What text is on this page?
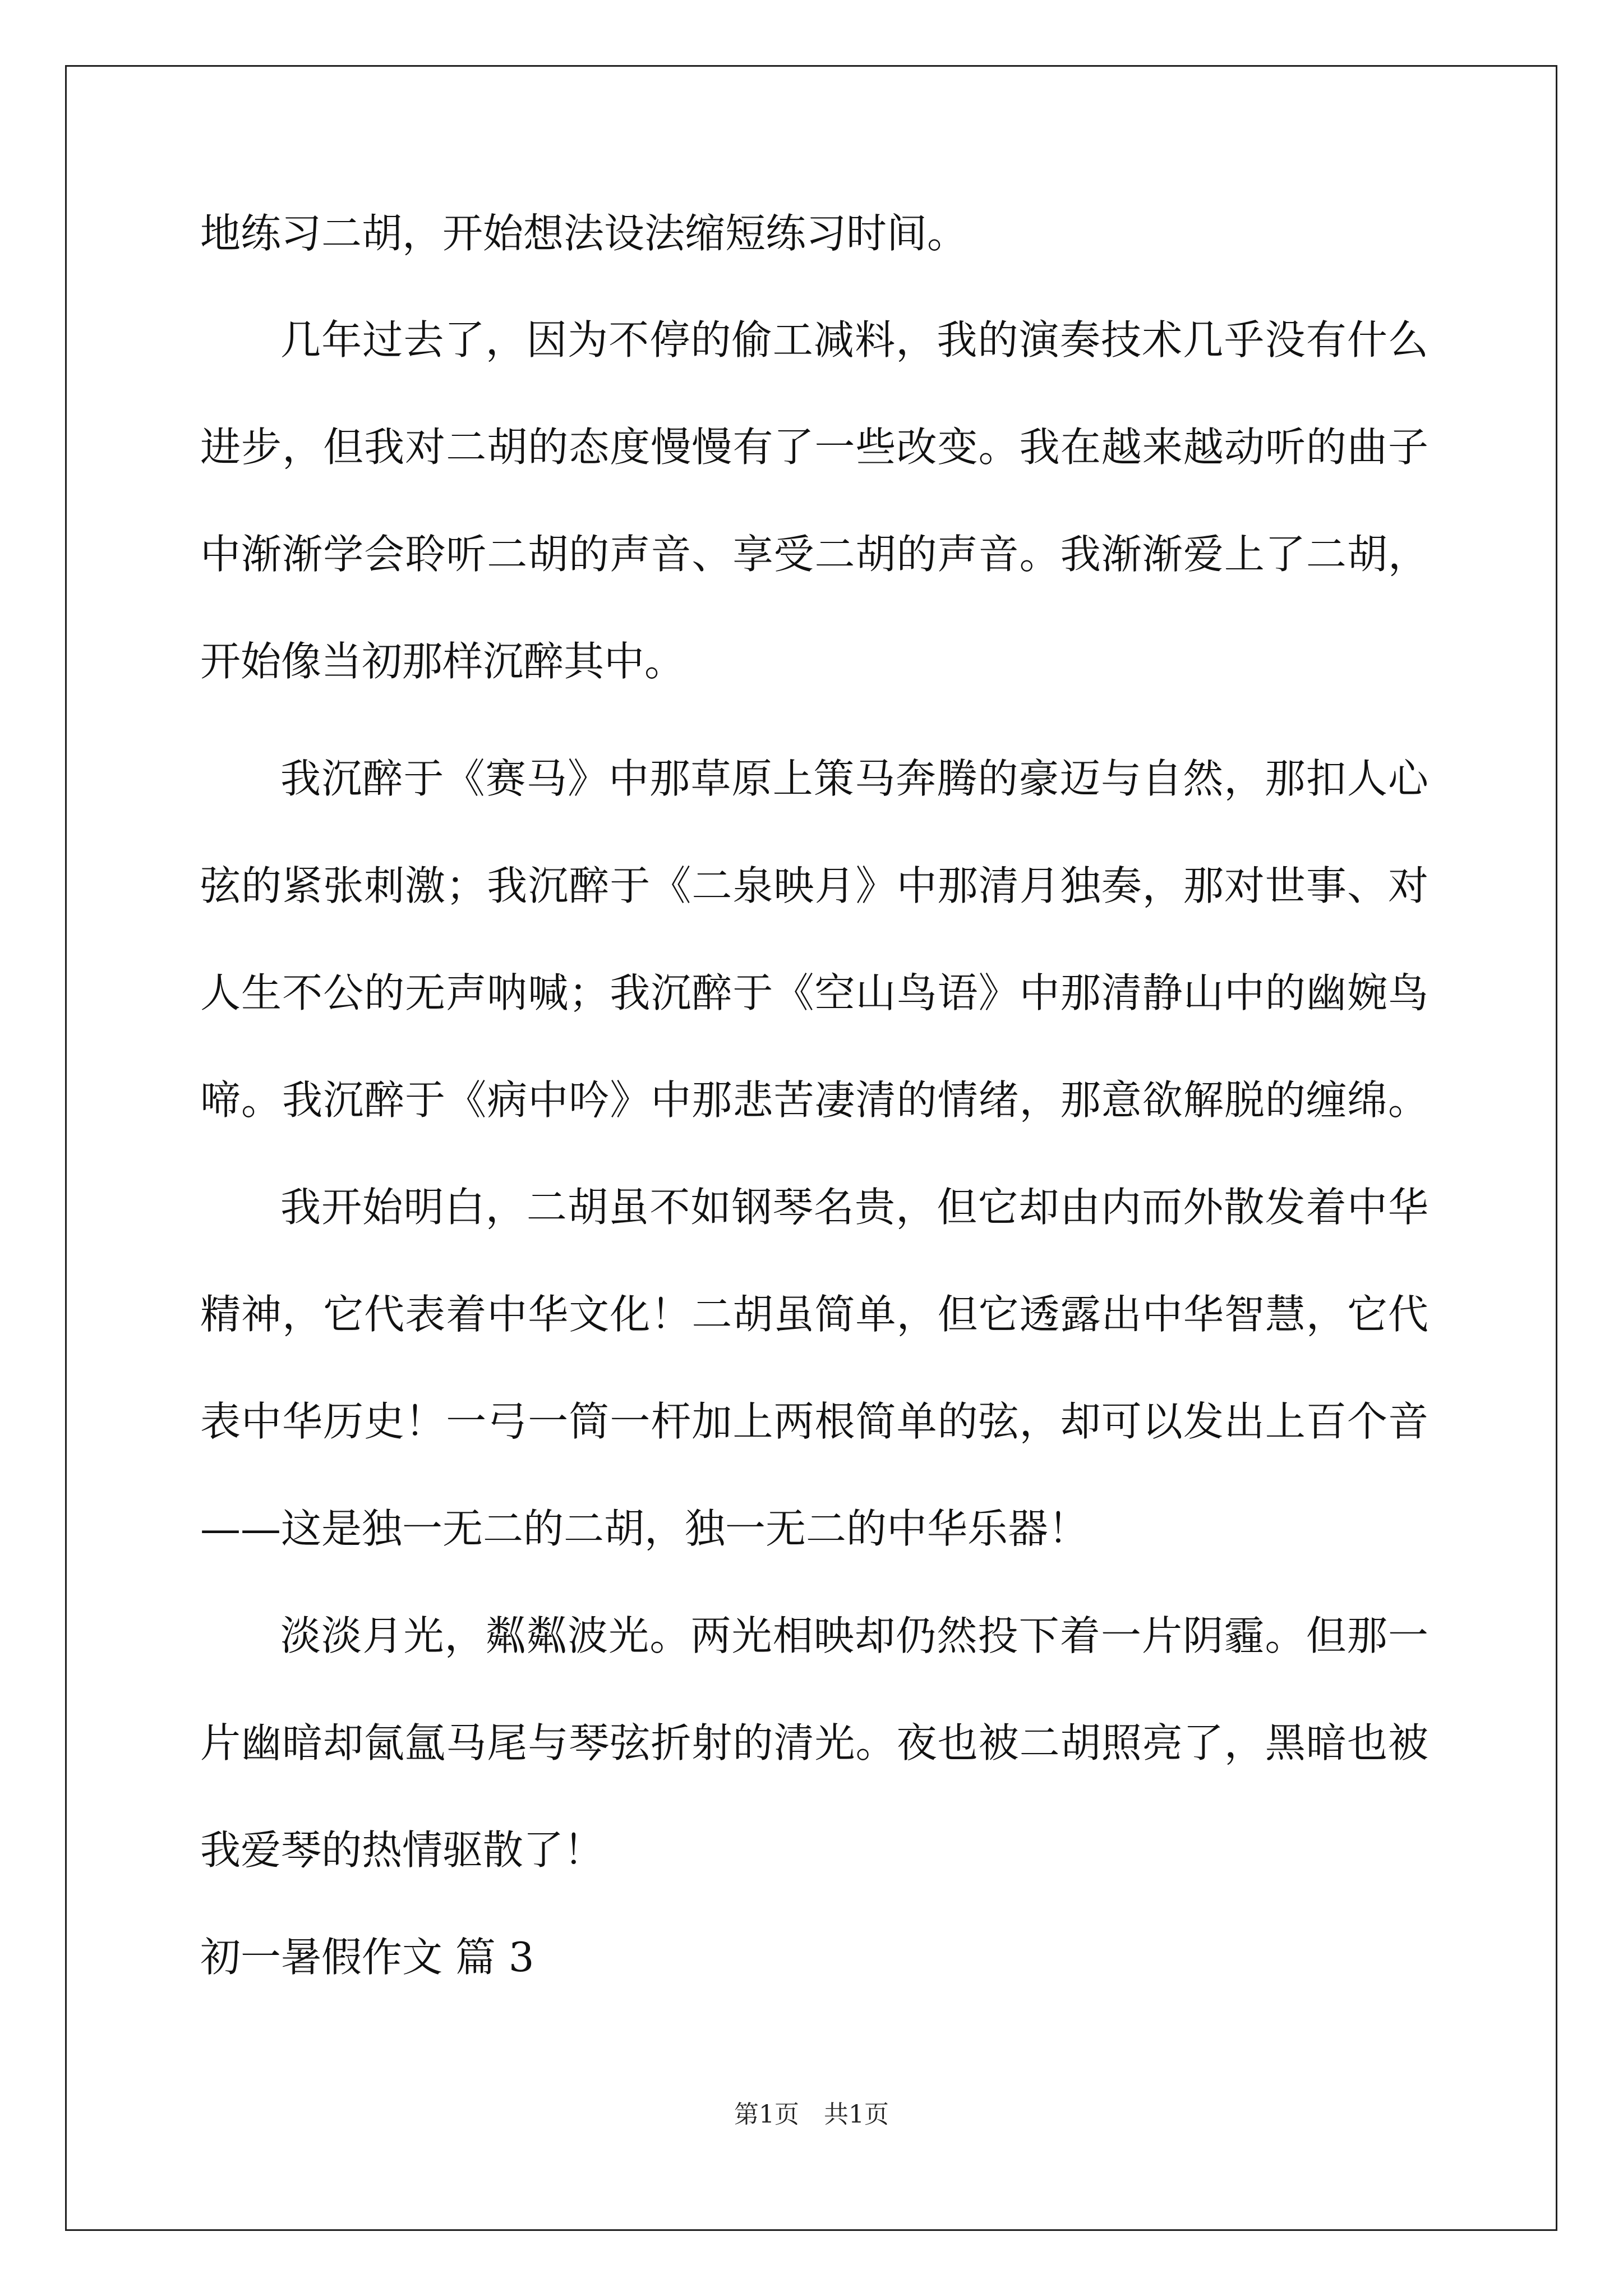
地练习二胡，开始想法设法缩短练习时间。
几年过去了，因为不停的偷工减料，我的演奏技术几乎没有什么
进步，但我对二胡的态度慢慢有了一些改变。我在越来越动听的曲子
中渐渐学会聆听二胡的声音、享受二胡的声音。我渐渐爱上了二胡，
开始像当初那样沉醉其中。
我沉醉于《赛马》中那草原上策马奔腾的豪迈与自然，那扣人心
弦的紧张刺激；我沉醉于《二泉映月》中那清月独奏，那对世事、对
人生不公的无声呐喊；我沉醉于《空山鸟语》中那清静山中的幽婉鸟
啼。我沉醉于《病中吟》中那悲苦凄清的情绪，那意欲解脱的缠绵。
我开始明白，二胡虽不如钢琴名贵，但它却由内而外散发着中华
精神，它代表着中华文化！二胡虽简单，但它透露出中华智慧，它代
表中华历史！一弓一筒一杆加上两根简单的弦，却可以发出上百个音
——这是独一无二的二胡，独一无二的中华乐器！
淡淡月光，粼粼波光。两光相映却仍然投下着一片阴霾。但那一
片幽暗却氤氲马尾与琴弦折射的清光。夜也被二胡照亮了，黑暗也被
我爱琴的热情驱散了！
初一暑假作文 篇 3
第1页　共1页
